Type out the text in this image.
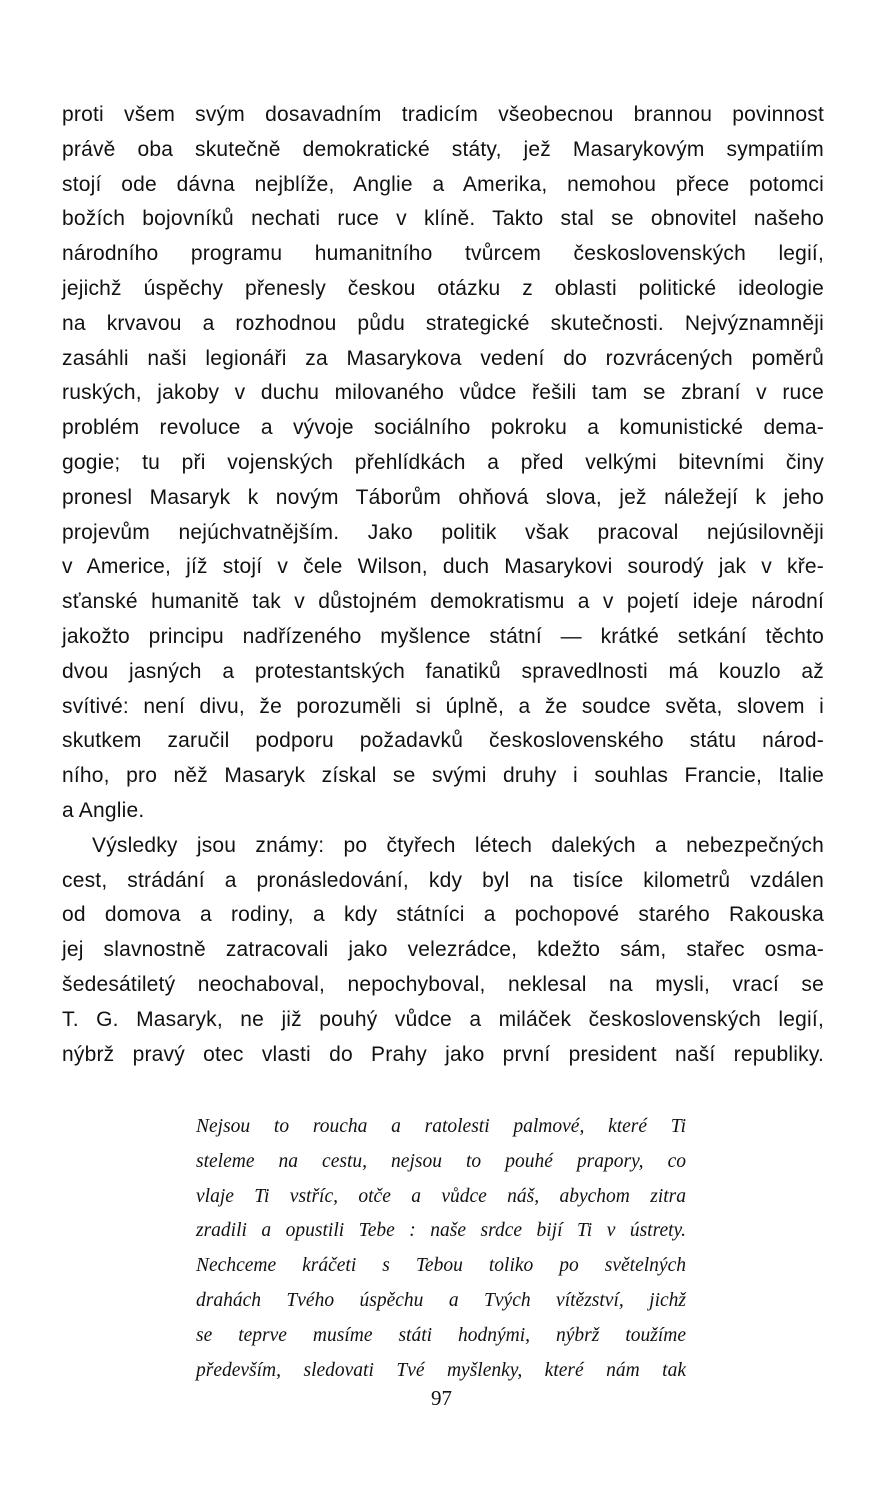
proti všem svým dosavadním tradicím všeobecnou brannou povinnost
právě oba skutečně demokratické státy, jež Masarykovým sympatiím
stojí ode dávna nejblíže, Anglie a Amerika, nemohou přece potomci
božích bojovníků nechati ruce v klíně. Takto stal se obnovitel našeho
národního programu humanitního tvůrcem československých legií,
jejichž úspěchy přenesly českou otázku z oblasti politické ideologie
na krvavou a rozhodnou půdu strategické skutečnosti. Nejvýznamněji
zasáhli naši legionáři za Masarykova vedení do rozvrácených poměrů
ruských, jakoby v duchu milovaného vůdce řešili tam se zbraní v ruce
problém revoluce a vývoje sociálního pokroku a komunistické dema-
gogie; tu při vojenských přehlídkách a před velkými bitevními činy
pronesl Masaryk k novým Táborům ohňová slova, jež náležejí k jeho
projevům nejúchvatnějším. Jako politik však pracoval nejúsilovněji
v Americe, jíž stojí v čele Wilson, duch Masarykovi sourodý jak v kře-
sťanské humanitě tak v důstojném demokratismu a v pojetí ideje národní
jakožto principu nadřízeného myšlence státní — krátké setkání těchto
dvou jasných a protestantských fanatiků spravedlnosti má kouzlo až
svítivé: není divu, že porozuměli si úplně, a že soudce světa, slovem i
skutkem zaručil podporu požadavků československého státu národ-
ního, pro něž Masaryk získal se svými druhy i souhlas Francie, Italie
a Anglie.
Výsledky jsou známy: po čtyřech létech dalekých a nebezpečných
cest, strádání a pronásledování, kdy byl na tisíce kilometrů vzdálen
od domova a rodiny, a kdy státníci a pochopové starého Rakouska
jej slavnostně zatracovali jako velezrádce, kdežto sám, stařec osma-
šedesátiletý neochaboval, nepochyboval, neklesal na mysli, vrací se
T. G. Masaryk, ne již pouhý vůdce a miláček československých legií,
nýbrž pravý otec vlasti do Prahy jako první president naší republiky.
Nejsou to roucha a ratolesti palmové, které Ti
steleme na cestu, nejsou to pouhé prapory, co
vlaje Ti vstříc, otče a vůdce náš, abychom zitra
zradili a opustili Tebe : naše srdce bijí Ti v ústrety.
Nechceme kráčeti s Tebou toliko po světelných
drahách Tvého úspěchu a Tvých vítězství, jichž
se teprve musíme státi hodnými, nýbrž toužíme
především, sledovati Tvé myšlenky, které nám tak
97
